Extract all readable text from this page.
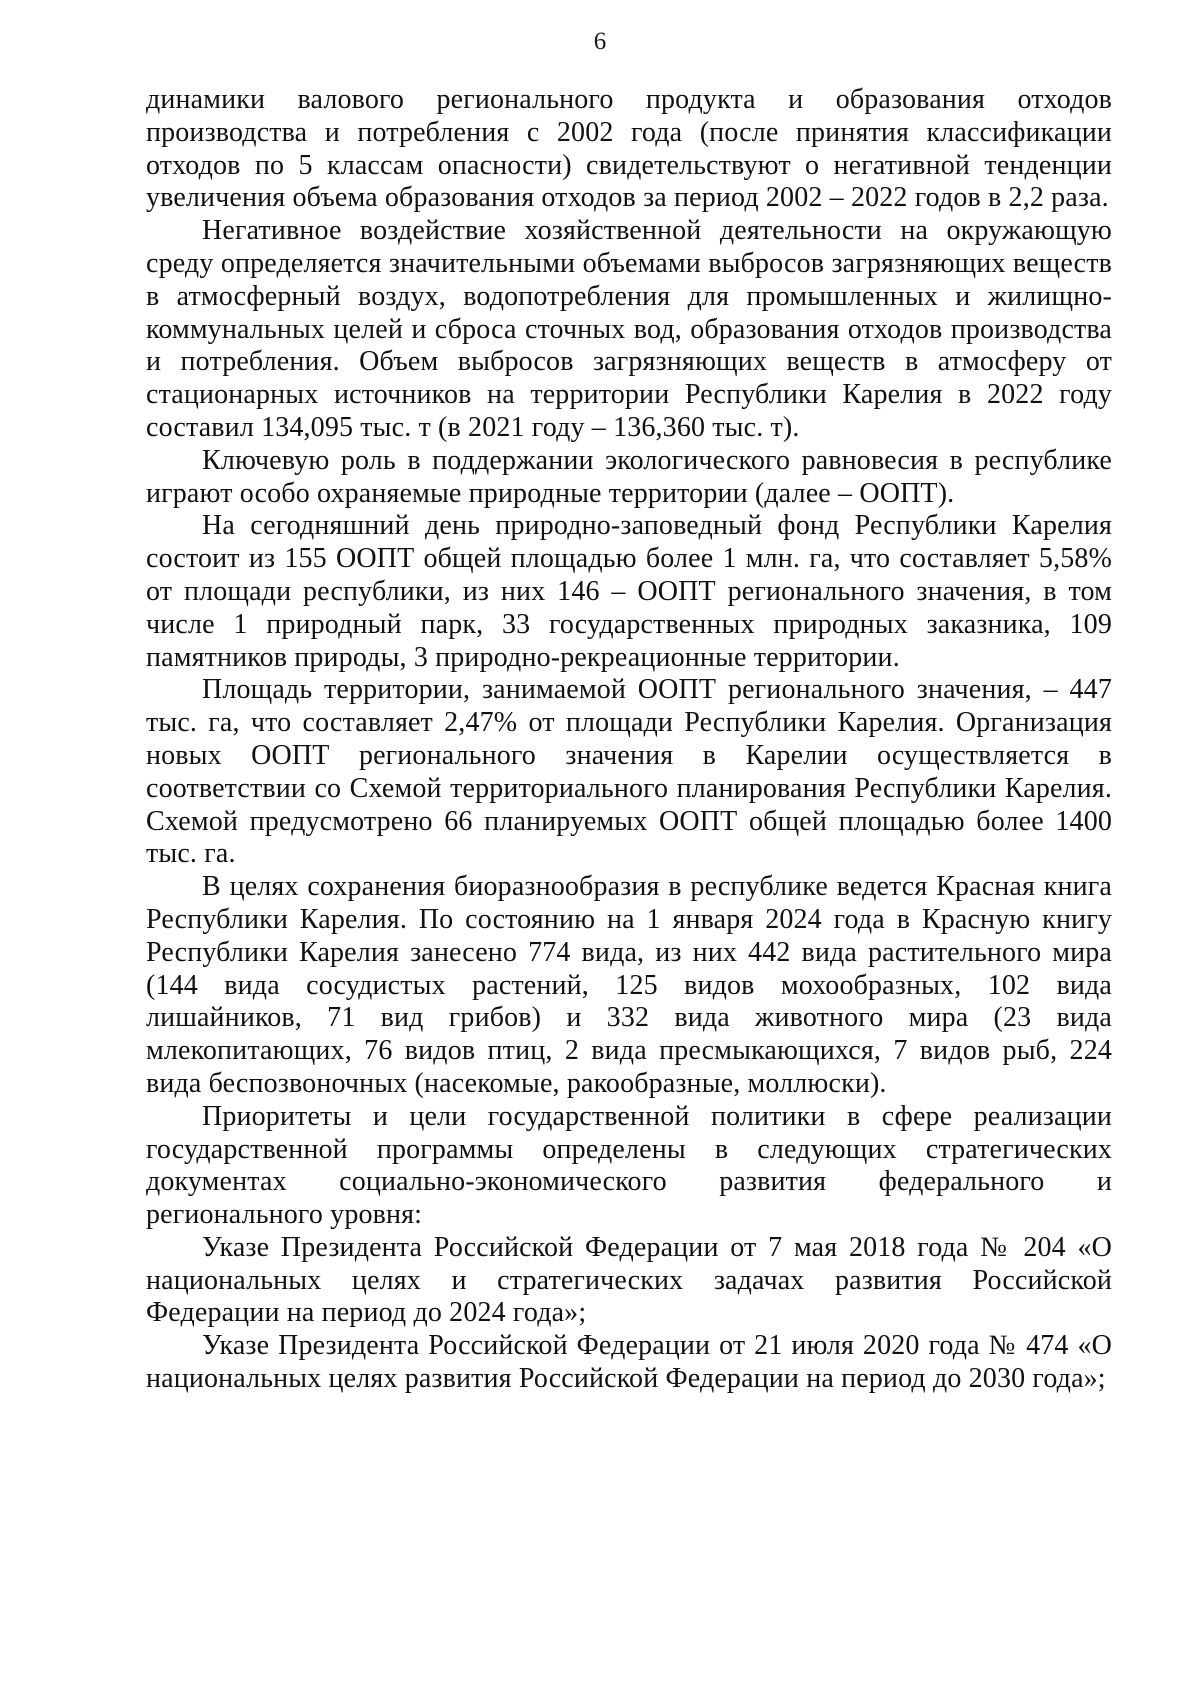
6

динамики валового регионального продукта и образования отходов производства и потребления с 2002 года (после принятия классификации отходов по 5 классам опасности) свидетельствуют о негативной тенденции увеличения объема образования отходов за период 2002 – 2022 годов в 2,2 раза.

Негативное воздействие хозяйственной деятельности на окружающую среду определяется значительными объемами выбросов загрязняющих веществ в атмосферный воздух, водопотребления для промышленных и жилищно-коммунальных целей и сброса сточных вод, образования отходов производства и потребления. Объем выбросов загрязняющих веществ в атмосферу от стационарных источников на территории Республики Карелия в 2022 году составил 134,095 тыс. т (в 2021 году – 136,360 тыс. т).

Ключевую роль в поддержании экологического равновесия в республике играют особо охраняемые природные территории (далее – ООПТ).

На сегодняшний день природно-заповедный фонд Республики Карелия состоит из 155 ООПТ общей площадью более 1 млн. га, что составляет 5,58% от площади республики, из них 146 – ООПТ регионального значения, в том числе 1 природный парк, 33 государственных природных заказника, 109 памятников природы, 3 природно-рекреационные территории.

Площадь территории, занимаемой ООПТ регионального значения, – 447 тыс. га, что составляет 2,47% от площади Республики Карелия. Организация новых ООПТ регионального значения в Карелии осуществляется в соответствии со Схемой территориального планирования Республики Карелия. Схемой предусмотрено 66 планируемых ООПТ общей площадью более 1400 тыс. га.

В целях сохранения биоразнообразия в республике ведется Красная книга Республики Карелия. По состоянию на 1 января 2024 года в Красную книгу Республики Карелия занесено 774 вида, из них 442 вида растительного мира (144 вида сосудистых растений, 125 видов мохообразных, 102 вида лишайников, 71 вид грибов) и 332 вида животного мира (23 вида млекопитающих, 76 видов птиц, 2 вида пресмыкающихся, 7 видов рыб, 224 вида беспозвоночных (насекомые, ракообразные, моллюски).

Приоритеты и цели государственной политики в сфере реализации государственной программы определены в следующих стратегических документах социально-экономического развития федерального и регионального уровня:

Указе Президента Российской Федерации от 7 мая 2018 года № 204 «О национальных целях и стратегических задачах развития Российской Федерации на период до 2024 года»;

Указе Президента Российской Федерации от 21 июля 2020 года № 474 «О национальных целях развития Российской Федерации на период до 2030 года»;
